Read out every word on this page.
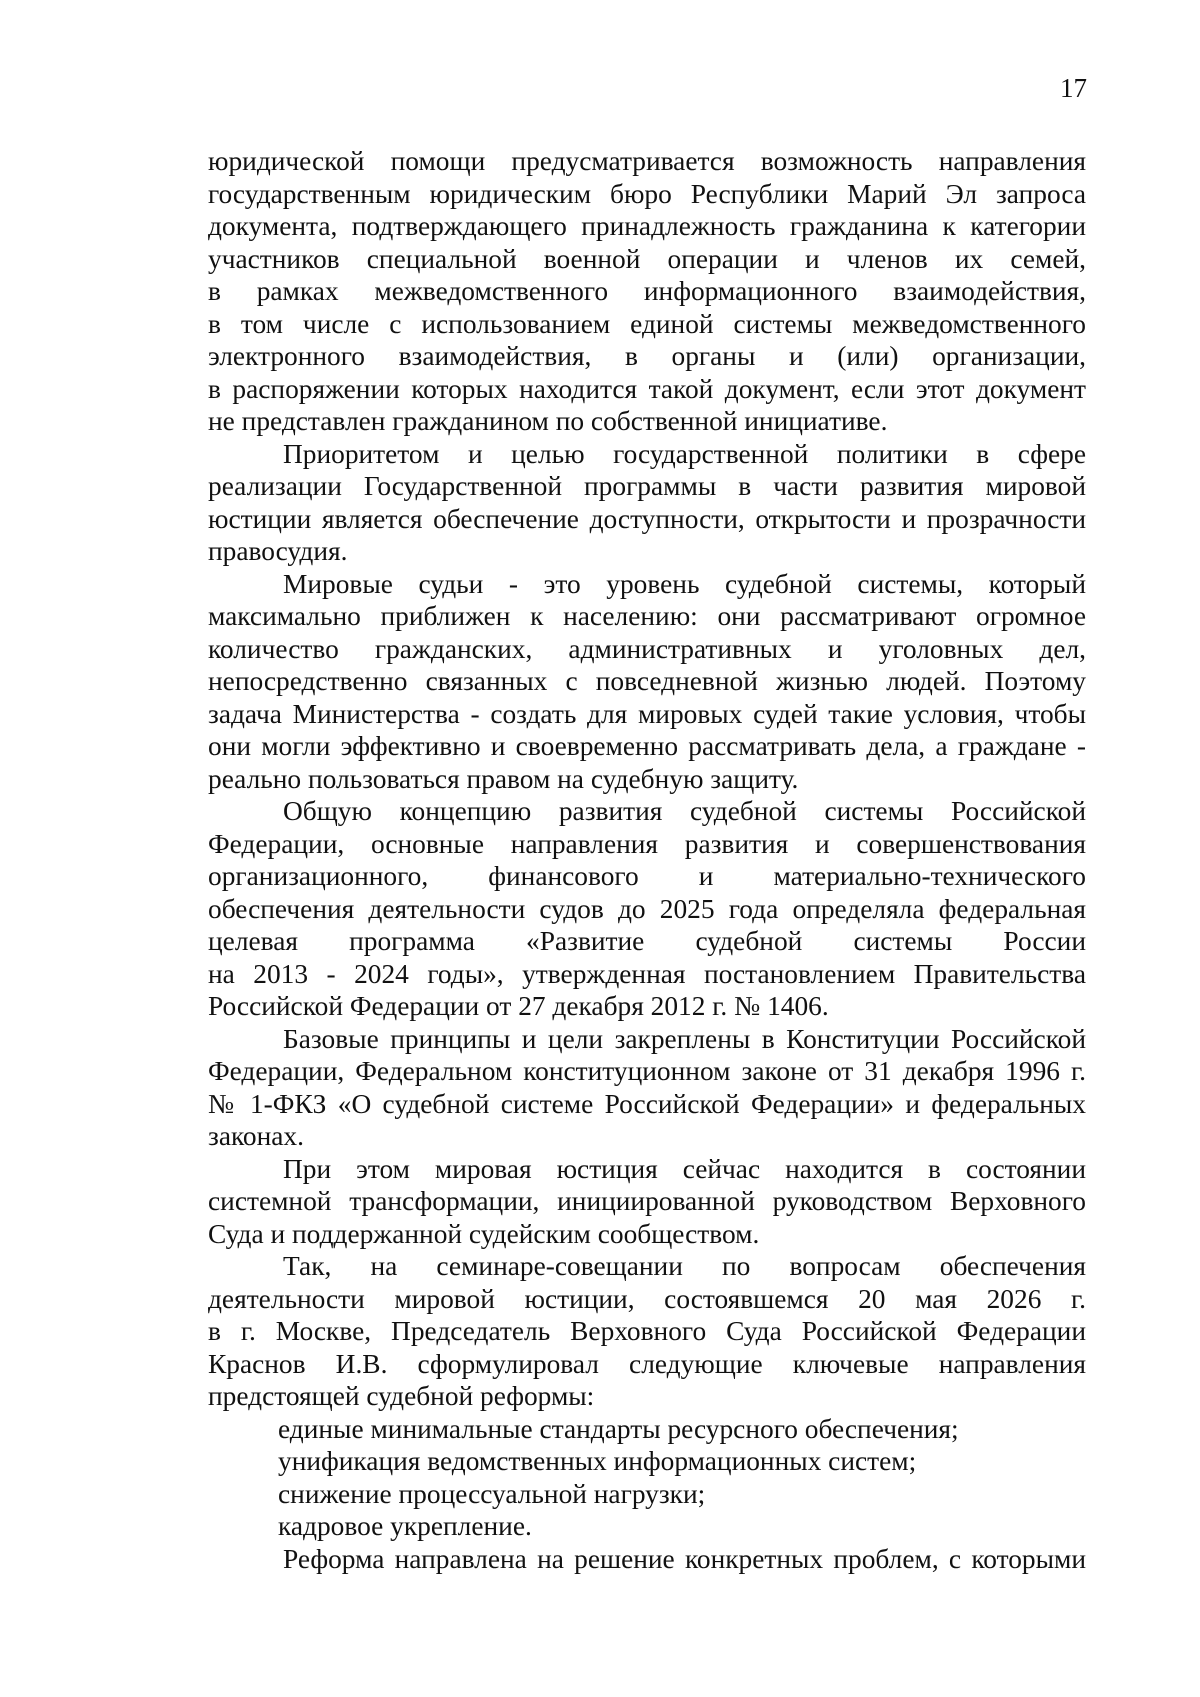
17
юридической помощи предусматривается возможность направления
государственным юридическим бюро Республики Марий Эл запроса
документа, подтверждающего принадлежность гражданина к категории
участников специальной военной операции и членов их семей,
в рамках межведомственного информационного взаимодействия,
в том числе с использованием единой системы межведомственного
электронного взаимодействия, в органы и (или) организации,
в распоряжении которых находится такой документ, если этот документ
не представлен гражданином по собственной инициативе.
Приоритетом и целью государственной политики в сфере
реализации Государственной программы в части развития мировой
юстиции является обеспечение доступности, открытости и прозрачности
правосудия.
Мировые судьи - это уровень судебной системы, который
максимально приближен к населению: они рассматривают огромное
количество гражданских, административных и уголовных дел,
непосредственно связанных с повседневной жизнью людей. Поэтому
задача Министерства - создать для мировых судей такие условия, чтобы
они могли эффективно и своевременно рассматривать дела, а граждане -
реально пользоваться правом на судебную защиту.
Общую концепцию развития судебной системы Российской
Федерации, основные направления развития и совершенствования
организационного, финансового и материально-технического
обеспечения деятельности судов до 2025 года определяла федеральная
целевая программа «Развитие судебной системы России
на 2013 - 2024 годы», утвержденная постановлением Правительства
Российской Федерации от 27 декабря 2012 г. № 1406.
Базовые принципы и цели закреплены в Конституции Российской
Федерации, Федеральном конституционном законе от 31 декабря 1996 г.
№ 1-ФКЗ «О судебной системе Российской Федерации» и федеральных
законах.
При этом мировая юстиция сейчас находится в состоянии
системной трансформации, инициированной руководством Верховного
Суда и поддержанной судейским сообществом.
Так, на семинаре-совещании по вопросам обеспечения
деятельности мировой юстиции, состоявшемся 20 мая 2026 г.
в г. Москве, Председатель Верховного Суда Российской Федерации
Краснов И.В. сформулировал следующие ключевые направления
предстоящей судебной реформы:
единые минимальные стандарты ресурсного обеспечения;
унификация ведомственных информационных систем;
снижение процессуальной нагрузки;
кадровое укрепление.
Реформа направлена на решение конкретных проблем, с которыми
